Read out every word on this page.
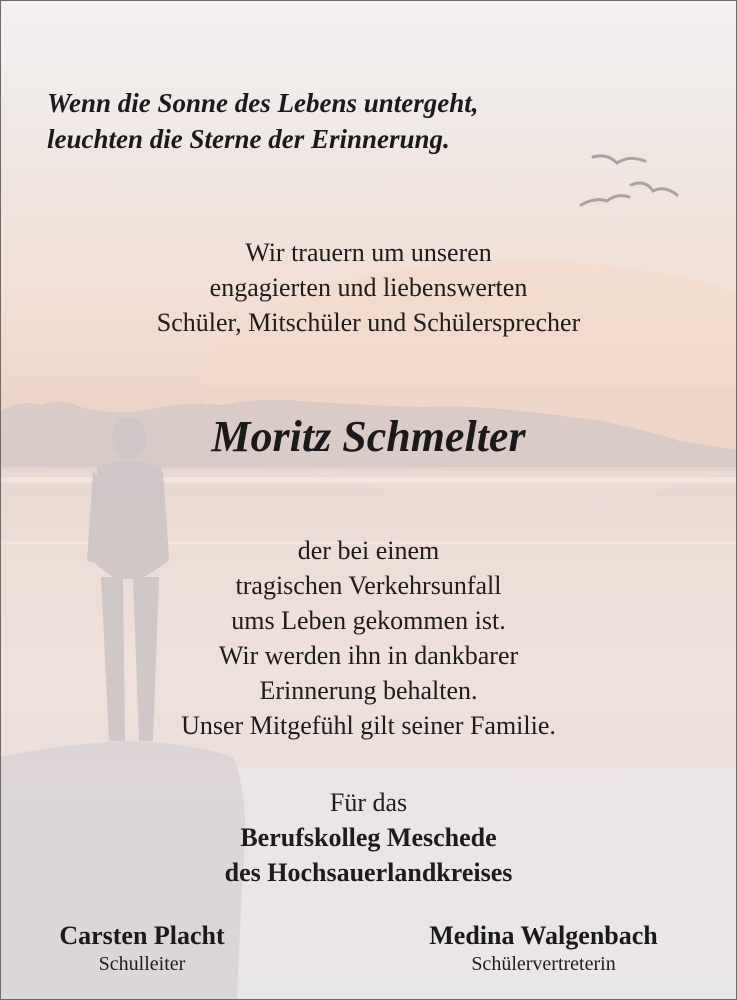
Wenn die Sonne des Lebens untergeht,
leuchten die Sterne der Erinnerung.

Wir trauern um unseren
engagierten und liebenswerten
Schüler, Mitschüler und Schülersprecher

Moritz Schmelter

der bei einem
tragischen Verkehrsunfall
ums Leben gekommen ist.
Wir werden ihn in dankbarer
Erinnerung behalten.
Unser Mitgefühl gilt seiner Familie.

Für das

Berufskolleg Meschede
des Hochsauerlandkreises

Carsten Placht
Schulleiter
Medina Walgenbach
Schülervertreterin
